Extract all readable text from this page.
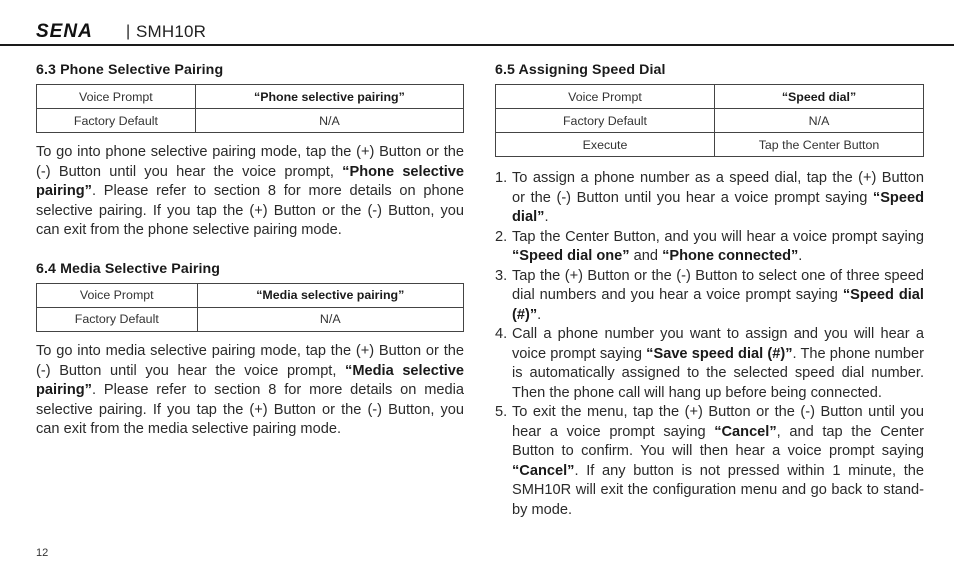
SENA | SMH10R
6.3 Phone Selective Pairing
Voice Prompt	“Phone selective pairing”
Factory Default	N/A

To go into phone selective pairing mode, tap the (+) Button or the (-) Button until you hear the voice prompt, “Phone selective pairing”. Please refer to section 8 for more details on phone selective pairing. If you tap the (+) Button or the (-) Button, you can exit from the phone selective pairing mode.

6.4 Media Selective Pairing
Voice Prompt	“Media selective pairing”
Factory Default	N/A

To go into media selective pairing mode, tap the (+) Button or the (-) Button until you hear the voice prompt, “Media selective pairing”. Please refer to section 8 for more details on media selective pairing. If you tap the (+) Button or the (-) Button, you can exit from the media selective pairing mode.

6.5 Assigning Speed Dial
Voice Prompt	“Speed dial”
Factory Default	N/A
Execute	Tap the Center Button
1. To assign a phone number as a speed dial, tap the (+) Button or the (-) Button until you hear a voice prompt saying “Speed dial”.
2. Tap the Center Button, and you will hear a voice prompt saying “Speed dial one” and “Phone connected”.
3. Tap the (+) Button or the (-) Button to select one of three speed dial numbers and you hear a voice prompt saying “Speed dial (#)”.
4. Call a phone number you want to assign and you will hear a voice prompt saying “Save speed dial (#)”. The phone number is automatically assigned to the selected speed dial number. Then the phone call will hang up before being connected.
5. To exit the menu, tap the (+) Button or the (-) Button until you hear a voice prompt saying “Cancel”, and tap the Center Button to confirm. You will then hear a voice prompt saying “Cancel”. If any button is not pressed within 1 minute, the SMH10R will exit the configuration menu and go back to stand-by mode.
12
